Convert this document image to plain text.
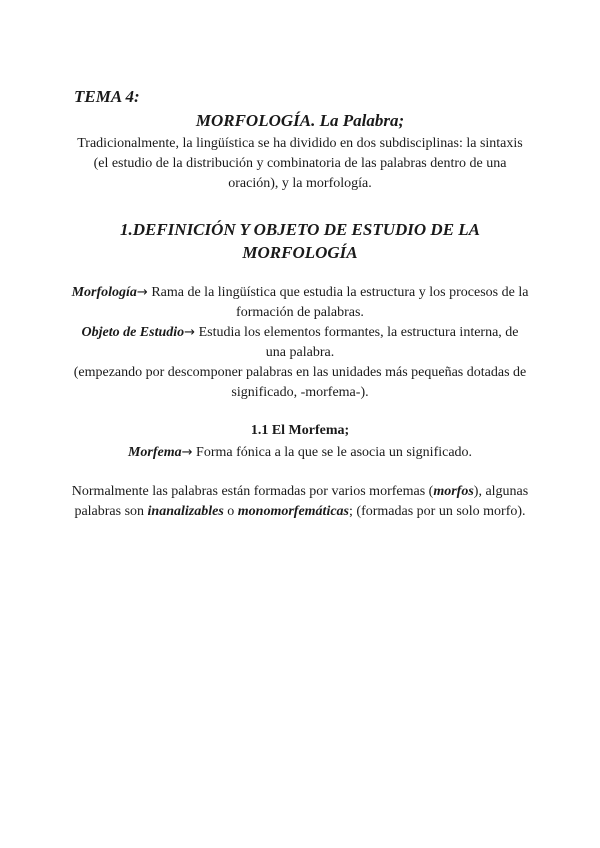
TEMA 4:
MORFOLOGÍA. La Palabra;

Tradicionalmente, la lingüística se ha dividido en dos subdisciplinas: la sintaxis (el estudio de la distribución y combinatoria de las palabras dentro de una oración), y la morfología.

1.DEFINICIÓN Y OBJETO DE ESTUDIO DE LA MORFOLOGÍA

Morfología→ Rama de la lingüística que estudia la estructura y los procesos de la formación de palabras.

Objeto de Estudio→ Estudia los elementos formantes, la estructura interna, de una palabra.

(empezando por descomponer palabras en las unidades más pequeñas dotadas de significado, -morfema-).

1.1 El Morfema;

Morfema→ Forma fónica a la que se le asocia un significado.

Normalmente las palabras están formadas por varios morfemas (morfos), algunas palabras son inanalizables o monomorfemáticas; (formadas por un solo morfo).
